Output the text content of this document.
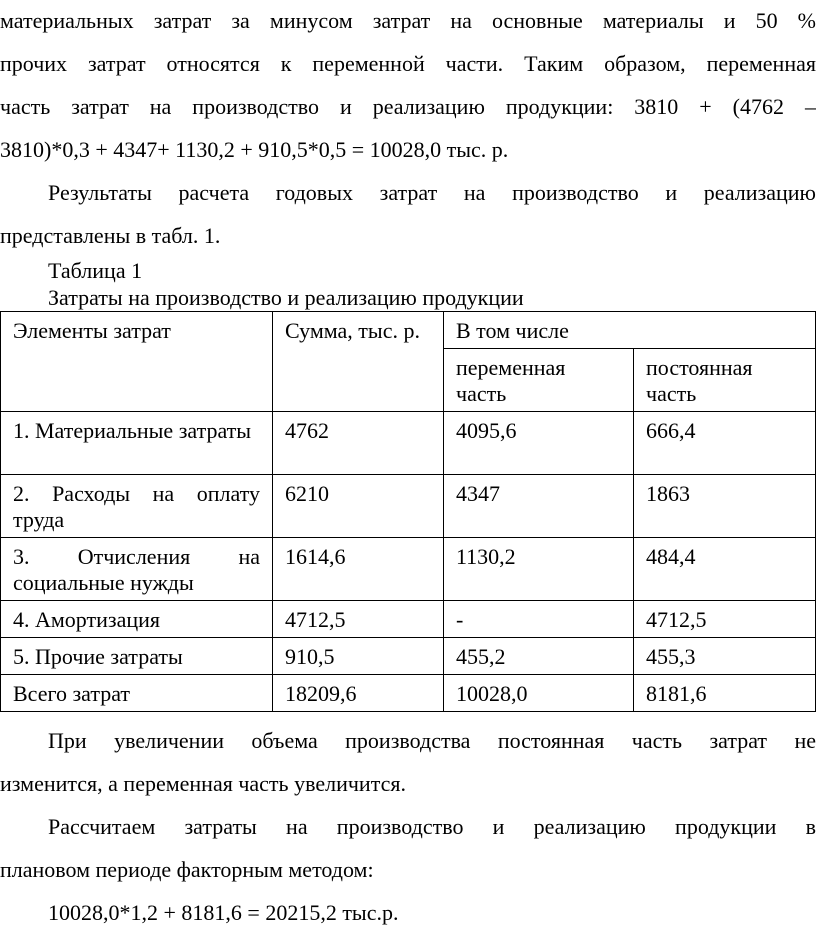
материальных затрат за минусом затрат на основные материалы и 50 %
прочих затрат относятся к переменной части. Таким образом, переменная
часть затрат на производство и реализацию продукции: 3810 + (4762 –
3810)*0,3 + 4347+ 1130,2 + 910,5*0,5 = 10028,0 тыс. р.
Результаты расчета годовых затрат на производство и реализацию
представлены в табл. 1.
Таблица 1
Затраты на производство и реализацию продукции
Элементы затрат	Сумма, тыс. р.	В том числе	
		переменная часть	постоянная часть
1. Материальные затраты	4762	4095,6	666,4
2. Расходы на оплату труда	6210	4347	1863
3. Отчисления на социальные нужды	1614,6	1130,2	484,4
4. Амортизация	4712,5	-	4712,5
5. Прочие затраты	910,5	455,2	455,3
Всего затрат	18209,6	10028,0	8181,6
При увеличении объема производства постоянная часть затрат не
изменится, а переменная часть увеличится.
Рассчитаем затраты на производство и реализацию продукции в
плановом периоде факторным методом:
10028,0*1,2 + 8181,6 = 20215,2 тыс.р.
